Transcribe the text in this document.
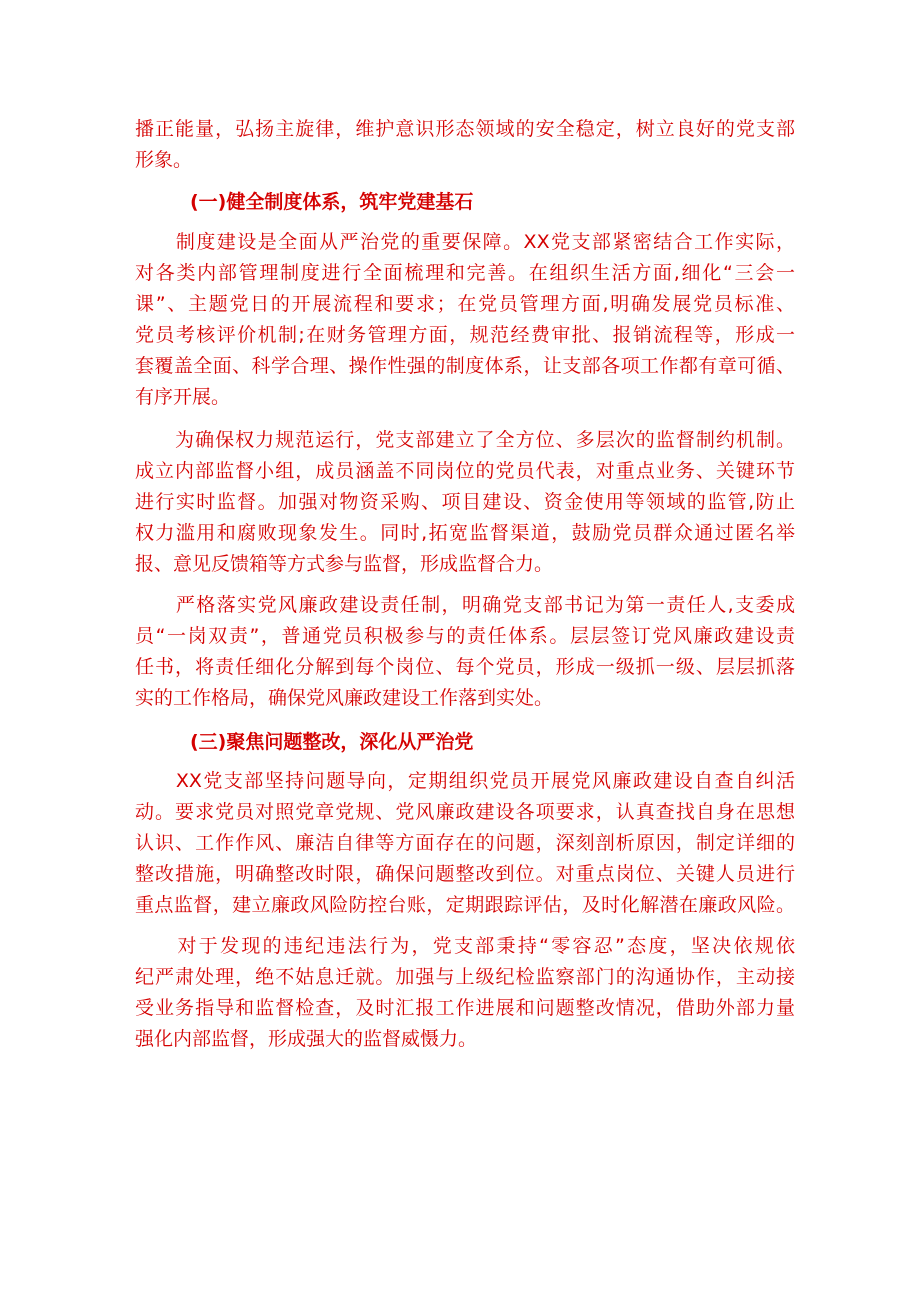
播正能量，弘扬主旋律，维护意识形态领域的安全稳定，树立良好的党支部
形象。
(一)健全制度体系，筑牢党建基石
　　制度建设是全面从严治党的重要保障。XX党支部紧密结合工作实际，
对各类内部管理制度进行全面梳理和完善。在组织生活方面,细化“三会一
课”、主题党日的开展流程和要求；在党员管理方面,明确发展党员标准、
党员考核评价机制;在财务管理方面，规范经费审批、报销流程等，形成一
套覆盖全面、科学合理、操作性强的制度体系，让支部各项工作都有章可循、
有序开展。
　　为确保权力规范运行，党支部建立了全方位、多层次的监督制约机制。
成立内部监督小组，成员涵盖不同岗位的党员代表，对重点业务、关键环节
进行实时监督。加强对物资采购、项目建设、资金使用等领域的监管,防止
权力滥用和腐败现象发生。同时,拓宽监督渠道，鼓励党员群众通过匿名举
报、意见反馈箱等方式参与监督，形成监督合力。
　　严格落实党风廉政建设责任制，明确党支部书记为第一责任人,支委成
员“一岗双责”，普通党员积极参与的责任体系。层层签订党风廉政建设责
任书，将责任细化分解到每个岗位、每个党员，形成一级抓一级、层层抓落
实的工作格局，确保党风廉政建设工作落到实处。
(三)聚焦问题整改，深化从严治党
　　XX党支部坚持问题导向，定期组织党员开展党风廉政建设自查自纠活
动。要求党员对照党章党规、党风廉政建设各项要求，认真查找自身在思想
认识、工作作风、廉洁自律等方面存在的问题，深刻剖析原因，制定详细的
整改措施，明确整改时限，确保问题整改到位。对重点岗位、关键人员进行
重点监督，建立廉政风险防控台账，定期跟踪评估，及时化解潜在廉政风险。
　　对于发现的违纪违法行为，党支部秉持“零容忍”态度，坚决依规依
纪严肃处理，绝不姑息迁就。加强与上级纪检监察部门的沟通协作，主动接
受业务指导和监督检查，及时汇报工作进展和问题整改情况，借助外部力量
强化内部监督，形成强大的监督威慑力。
